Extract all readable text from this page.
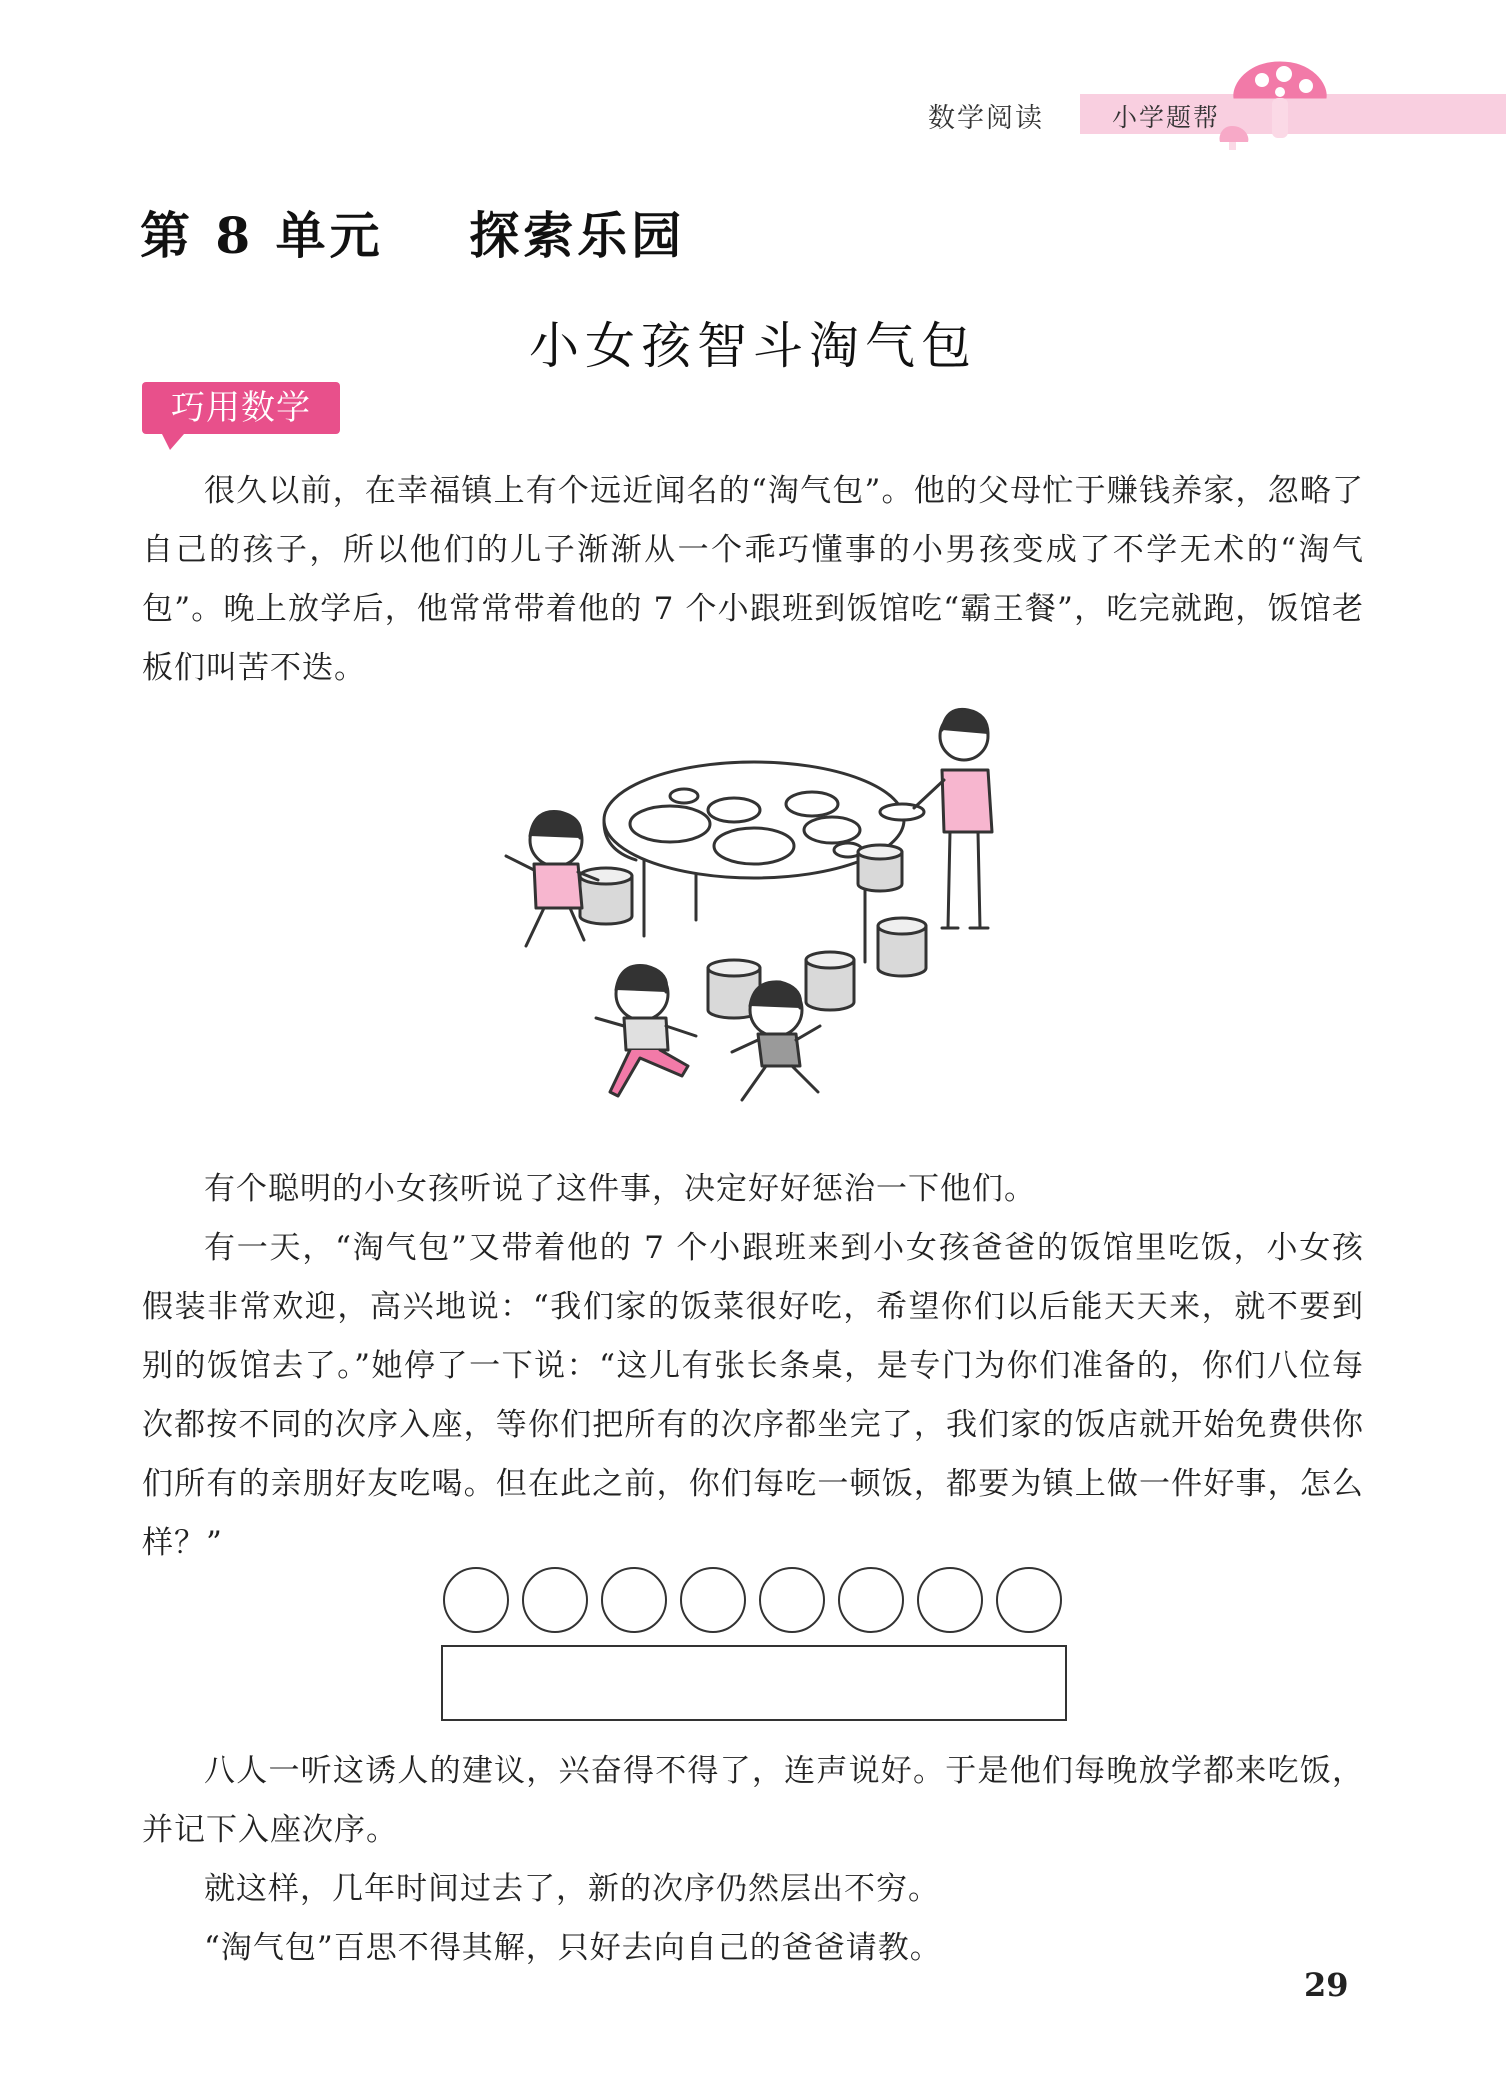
数学阅读	小学题帮
第 8 单元    探索乐园
小女孩智斗淘气包
巧用数学

很久以前，在幸福镇上有个远近闻名的“淘气包”。他的父母忙于赚钱养家，忽略了自己的孩子，所以他们的儿子渐渐从一个乖巧懂事的小男孩变成了不学无术的“淘气包”。晚上放学后，他常常带着他的 7 个小跟班到饭馆吃“霸王餐”，吃完就跑，饭馆老板们叫苦不迭。

有个聪明的小女孩听说了这件事，决定好好惩治一下他们。

有一天，“淘气包”又带着他的 7 个小跟班来到小女孩爸爸的饭馆里吃饭，小女孩假装非常欢迎，高兴地说：“我们家的饭菜很好吃，希望你们以后能天天来，就不要到别的饭馆去了。”她停了一下说：“这儿有张长条桌，是专门为你们准备的，你们八位每次都按不同的次序入座，等你们把所有的次序都坐完了，我们家的饭店就开始免费供你们所有的亲朋好友吃喝。但在此之前，你们每吃一顿饭，都要为镇上做一件好事，怎么样？”

八人一听这诱人的建议，兴奋得不得了，连声说好。于是他们每晚放学都来吃饭，并记下入座次序。

就这样，几年时间过去了，新的次序仍然层出不穷。

“淘气包”百思不得其解，只好去向自己的爸爸请教。

29
